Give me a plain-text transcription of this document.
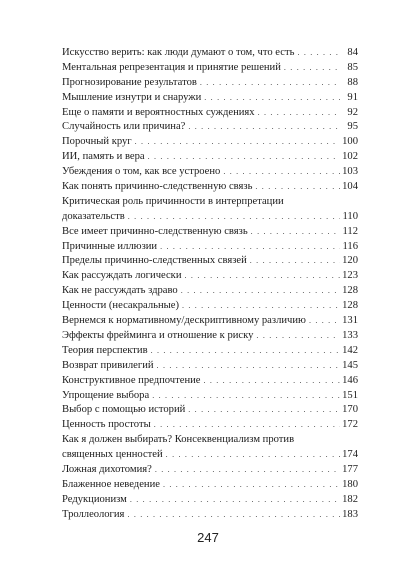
Искусство верить: как люди думают о том, что есть . . .	84
Ментальная репрезентация и принятие решений . . .	85
Прогнозирование результатов . . .	88
Мышление изнутри и снаружи . . .	91
Еще о памяти и вероятностных суждениях . . .	92
Случайность или причина? . . .	95
Порочный круг . . .	100
ИИ, память и вера . . .	102
Убеждения о том, как все устроено . . .	103
Как понять причинно-следственную связь . . .	104
Критическая роль причинности в интерпретации
доказательств . . .	110
Все имеет причинно-следственную связь . . .	112
Причинные иллюзии . . .	116
Пределы причинно-следственных связей . . .	120
Как рассуждать логически . . .	123
Как не рассуждать здраво . . .	128
Ценности (несакральные) . . .	128
Вернемся к нормативному/дескриптивному различию . . .	131
Эффекты фрейминга и отношение к риску . . .	133
Теория перспектив . . .	142
Возврат привилегий . . .	145
Конструктивное предпочтение . . .	146
Упрощение выбора . . .	151
Выбор с помощью историй . . .	170
Ценность простоты . . .	172
Как я должен выбирать? Консеквенциализм против
священных ценностей . . .	174
Ложная дихотомия? . . .	177
Блаженное неведение . . .	180
Редукционизм . . .	182
Троллеология . . .	183
247
